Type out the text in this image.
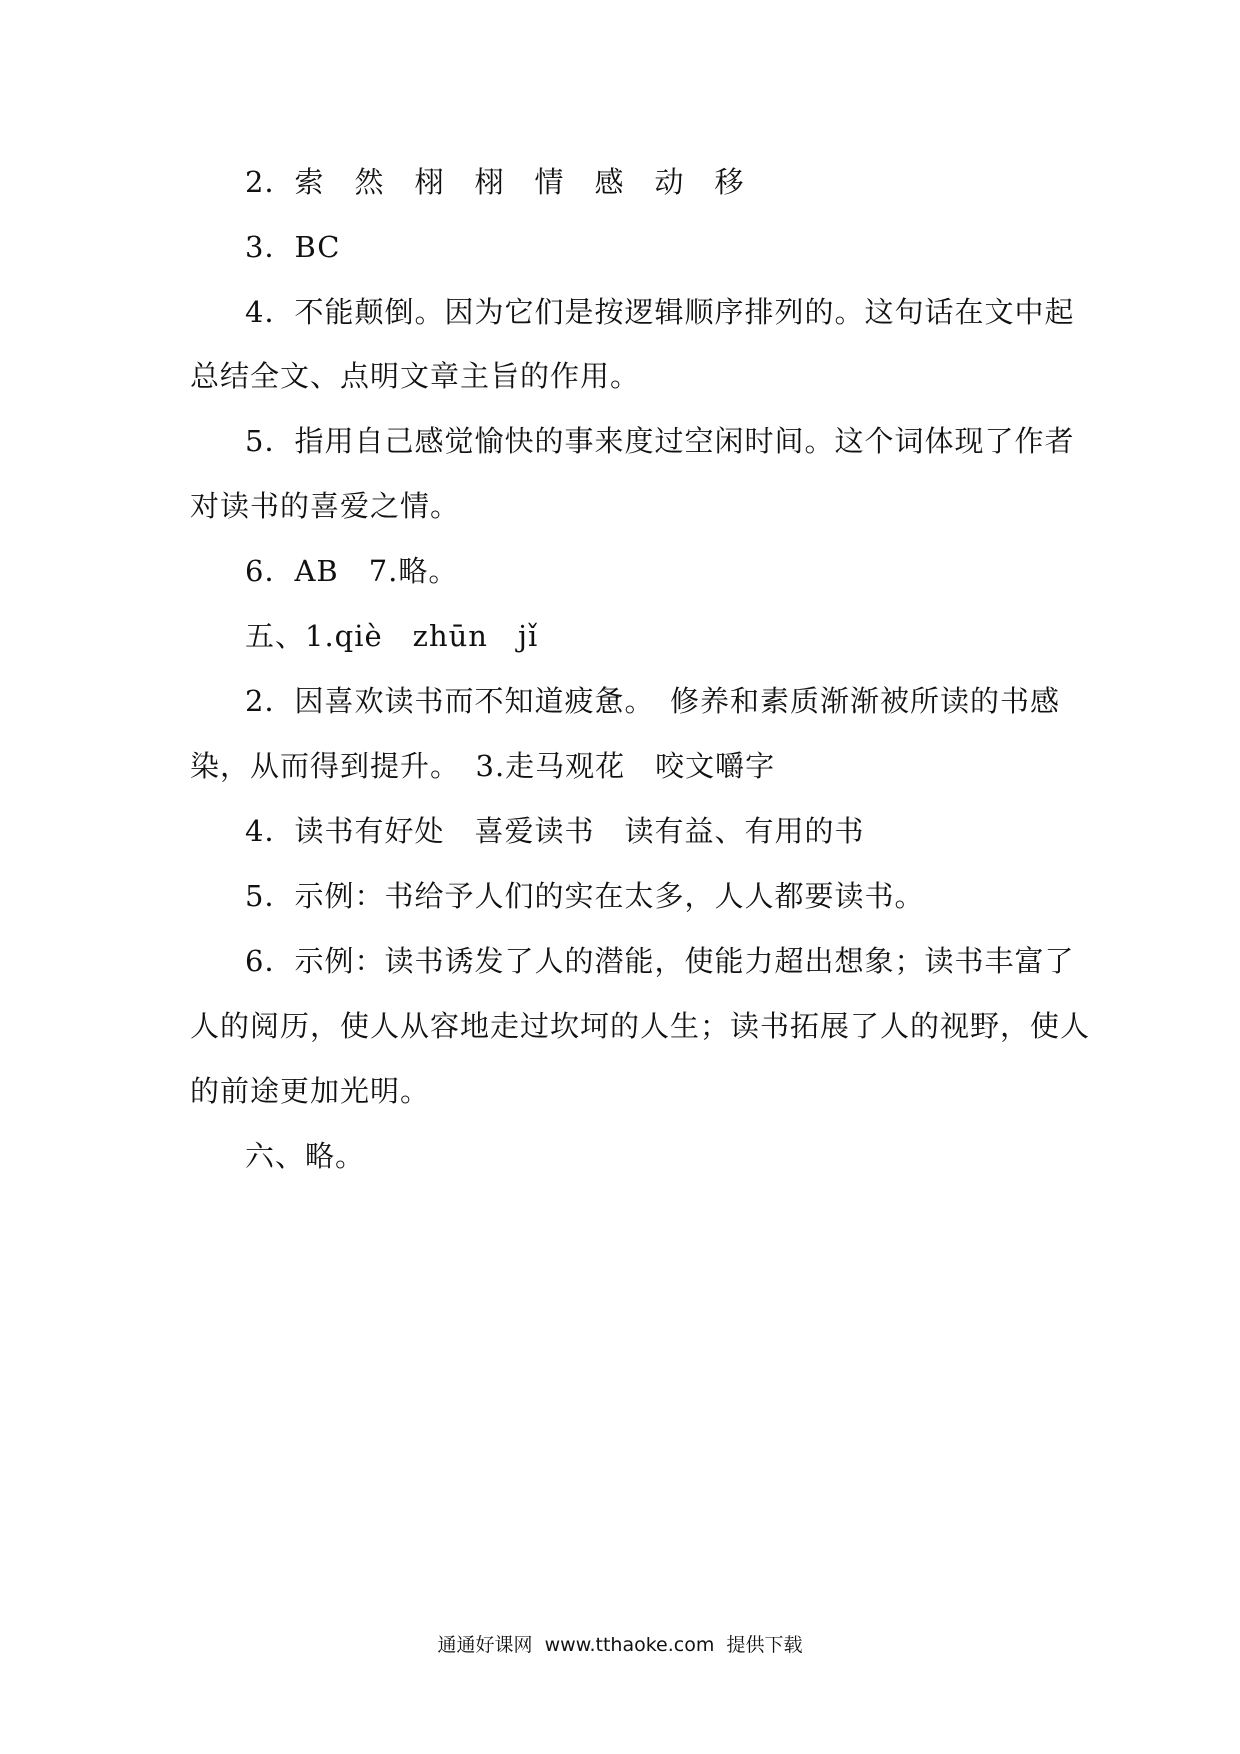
2．索　然　栩　栩　情　感　动　移
3．BC
4．不能颠倒。因为它们是按逻辑顺序排列的。这句话在文中起
总结全文、点明文章主旨的作用。
5．指用自己感觉愉快的事来度过空闲时间。这个词体现了作者
对读书的喜爱之情。
6．AB　7.略。
五、1.qiè　zhūn　jǐ
2．因喜欢读书而不知道疲惫。　修养和素质渐渐被所读的书感
染，从而得到提升。　3.走马观花　咬文嚼字
4．读书有好处　喜爱读书　读有益、有用的书
5．示例：书给予人们的实在太多，人人都要读书。
6．示例：读书诱发了人的潜能，使能力超出想象；读书丰富了
人的阅历，使人从容地走过坎坷的人生；读书拓展了人的视野，使人
的前途更加光明。
六、略。
通通好课网  www.tthaoke.com  提供下载
